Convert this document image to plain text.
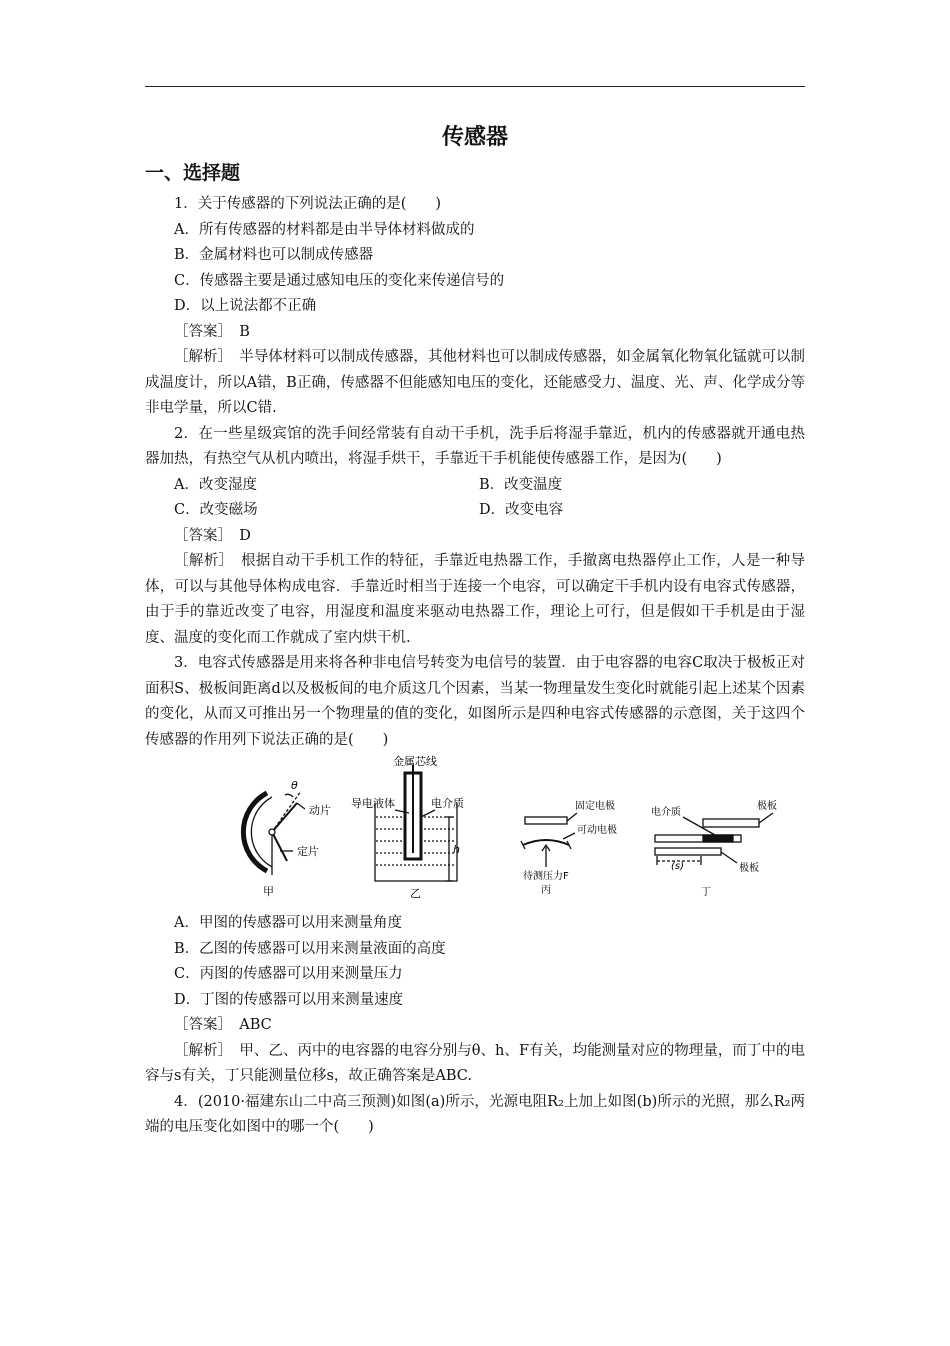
传感器
一、选择题

1．关于传感器的下列说法正确的是(　　)

A．所有传感器的材料都是由半导体材料做成的

B．金属材料也可以制成传感器

C．传感器主要是通过感知电压的变化来传递信号的

D．以上说法都不正确

［答案］　B

［解析］　半导体材料可以制成传感器，其他材料也可以制成传感器，如金属氧化物氧化锰就可以制成温度计，所以A错，B正确，传感器不但能感知电压的变化，还能感受力、温度、光、声、化学成分等非电学量，所以C错.

2．在一些星级宾馆的洗手间经常装有自动干手机，洗手后将湿手靠近，机内的传感器就开通电热器加热，有热空气从机内喷出，将湿手烘干，手靠近干手机能使传感器工作，是因为(　　)

A．改变湿度	B．改变温度
C．改变磁场	D．改变电容

［答案］　D

［解析］　根据自动干手机工作的特征，手靠近电热器工作，手撤离电热器停止工作，人是一种导体，可以与其他导体构成电容．手靠近时相当于连接一个电容，可以确定干手机内设有电容式传感器，由于手的靠近改变了电容，用湿度和温度来驱动电热器工作，理论上可行，但是假如干手机是由于湿度、温度的变化而工作就成了室内烘干机.

3．电容式传感器是用来将各种非电信号转变为电信号的装置．由于电容器的电容C取决于极板正对面积S、极板间距离d以及极板间的电介质这几个因素，当某一物理量发生变化时就能引起上述某个因素的变化，从而又可推出另一个物理量的值的变化，如图所示是四种电容式传感器的示意图，关于这四个传感器的作用列下说法正确的是(　　)

θ
动片
定片
甲
金属芯线
导电液体	电介质
h
乙
固定电极
可动电极
待测压力F
丙
电介质
极板
(s)	极板
丁

A．甲图的传感器可以用来测量角度

B．乙图的传感器可以用来测量液面的高度

C．丙图的传感器可以用来测量压力

D．丁图的传感器可以用来测量速度

［答案］　ABC

［解析］　甲、乙、丙中的电容器的电容分别与θ、h、F有关，均能测量对应的物理量，而丁中的电容与s有关，丁只能测量位移s，故正确答案是ABC.

4．(2010·福建东山二中高三预测)如图(a)所示，光源电阻R₂上加上如图(b)所示的光照，那么R₂两端的电压变化如图中的哪一个(　　)
